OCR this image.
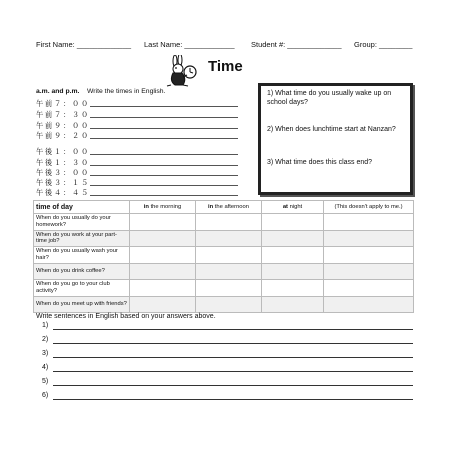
First Name: _____________ Last Name: ____________ Student #: _____________ Group: ________
Time
a.m. and p.m. Write the times in English.
午前７：００
午前７：３０
午前９：００
午前９：２０
午後１：００
午後１：３０
午後３：００
午後３：１５
午後４：４５
1) What time do you usually wake up on school days?
2) When does lunchtime start at Nanzan?
3) What time does this class end?
time of day	in the morning	in the afternoon	at night	(This doesn't apply to me.)
When do you usually do your homework?				
When do you work at your part-time job?				
When do you usually wash your hair?				
When do you drink coffee?				
When do you go to your club activity?				
When do you meet up with friends?				
Write sentences in English based on your answers above.
1)
2)
3)
4)
5)
6)
